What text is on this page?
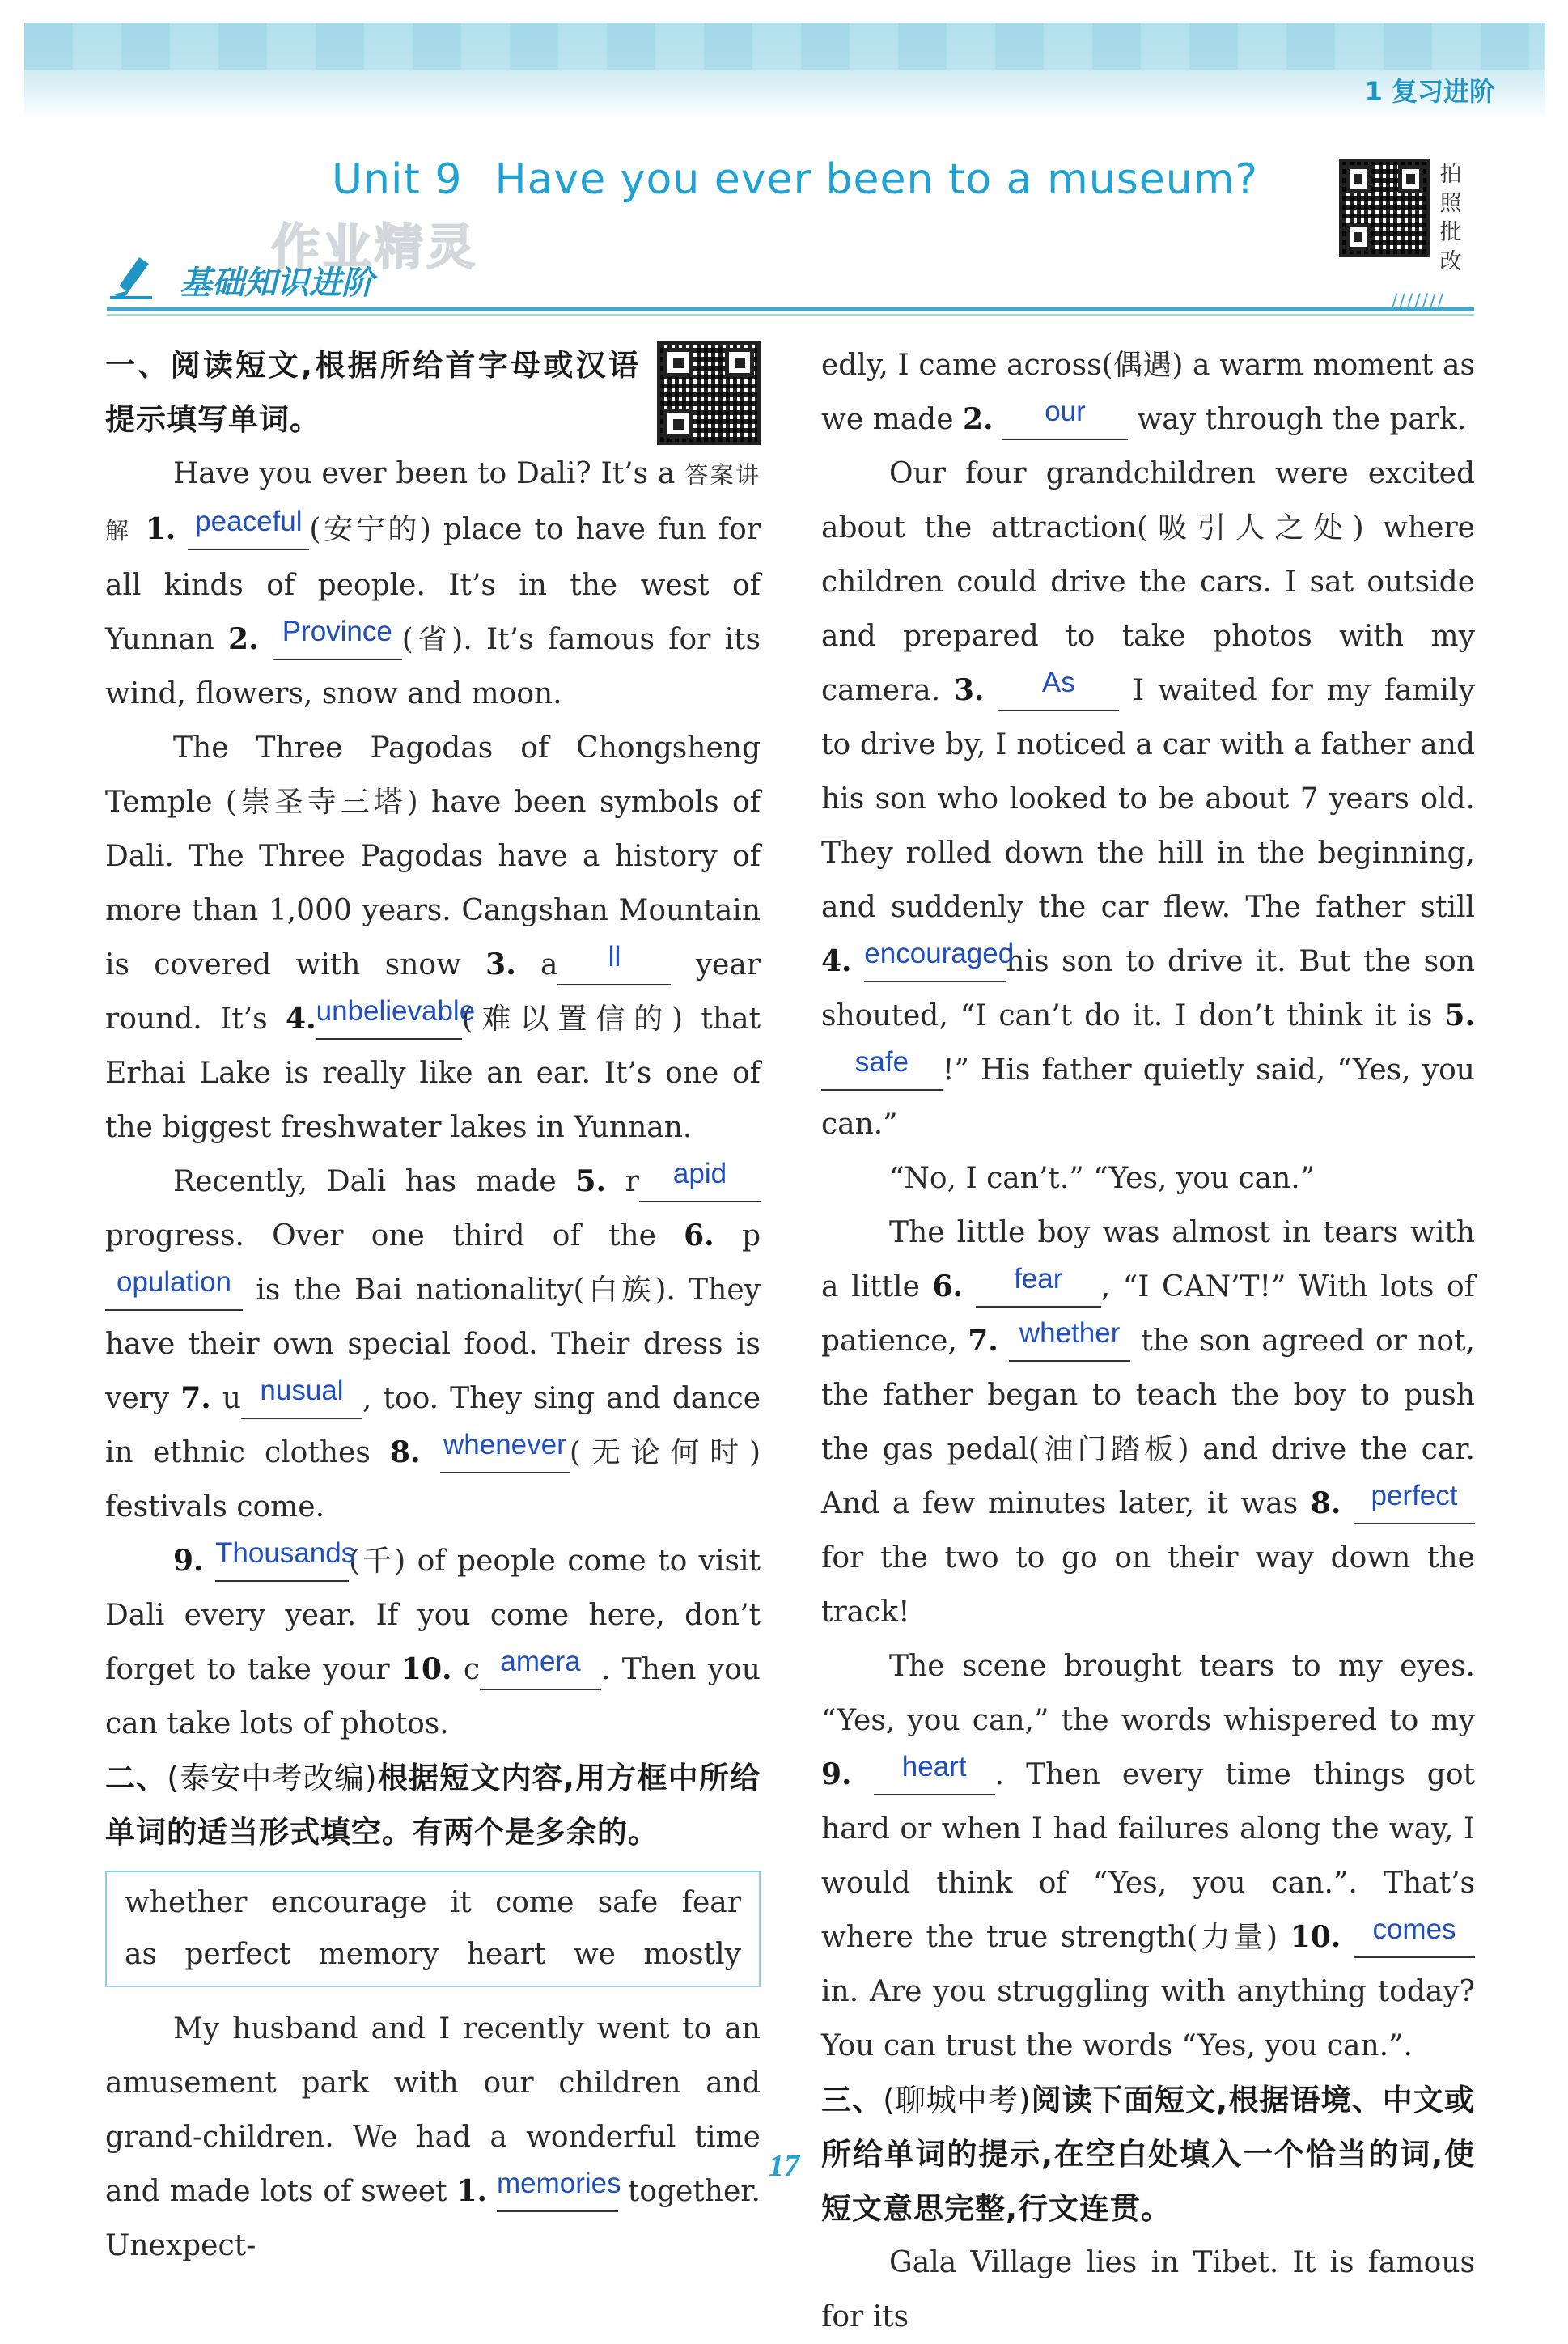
1 复习进阶
Unit 9 Have you ever been to a museum?	拍
照
批
改
作业精灵
基础知识进阶	///////

一、阅读短文,根据所给首字母或汉语提示填写单词。

Have you ever been to Dali? It’s a 答案讲解 1. peaceful (安宁的) place to have fun for all kinds of people. It’s in the west of Yunnan 2. Province (省). It’s famous for its wind, flowers, snow and moon.

The Three Pagodas of Chongsheng Temple (崇圣寺三塔) have been symbols of Dali. The Three Pagodas have a history of more than 1,000 years. Cangshan Mountain is covered with snow 3. a ll year round. It’s 4.unbelievable(难以置信的) that Erhai Lake is really like an ear. It’s one of the biggest freshwater lakes in Yunnan.

Recently, Dali has made 5. r apid progress. Over one third of the 6. population is the Bai nationality(白族). They have their own special food. Their dress is very 7. u nusual , too. They sing and dance in ethnic clothes 8. whenever (无论何时) festivals come.

9. Thousands(千) of people come to visit Dali every year. If you come here, don’t forget to take your 10. c amera . Then you can take lots of photos.

二、(泰安中考改编)根据短文内容,用方框中所给单词的适当形式填空。有两个是多余的。

whether encourage it come safe fear
as perfect memory heart we mostly

My husband and I recently went to an amusement park with our children and grand-children. We had a wonderful time and made lots of sweet 1. memories together. Unexpect-

edly, I came across(偶遇) a warm moment as we made 2. our way through the park.

Our four grandchildren were excited about the attraction(吸引人之处) where children could drive the cars. I sat outside and prepared to take photos with my camera. 3. As I waited for my family to drive by, I noticed a car with a father and his son who looked to be about 7 years old. They rolled down the hill in the beginning, and suddenly the car flew. The father still 4. encouragedhis son to drive it. But the son shouted, “I can’t do it. I don’t think it is 5. safe !” His father quietly said, “Yes, you can.”

“No, I can’t.” “Yes, you can.”

The little boy was almost in tears with a little 6. fear , “I CAN’T!” With lots of patience, 7. whether the son agreed or not, the father began to teach the boy to push the gas pedal(油门踏板) and drive the car. And a few minutes later, it was 8. perfect for the two to go on their way down the track!

The scene brought tears to my eyes. “Yes, you can,” the words whispered to my 9. heart . Then every time things got hard or when I had failures along the way, I would think of “Yes, you can.”. That’s where the true strength(力量) 10. comes in. Are you struggling with anything today? You can trust the words “Yes, you can.”.

三、(聊城中考)阅读下面短文,根据语境、中文或所给单词的提示,在空白处填入一个恰当的词,使短文意思完整,行文连贯。

Gala Village lies in Tibet. It is famous for its

17
